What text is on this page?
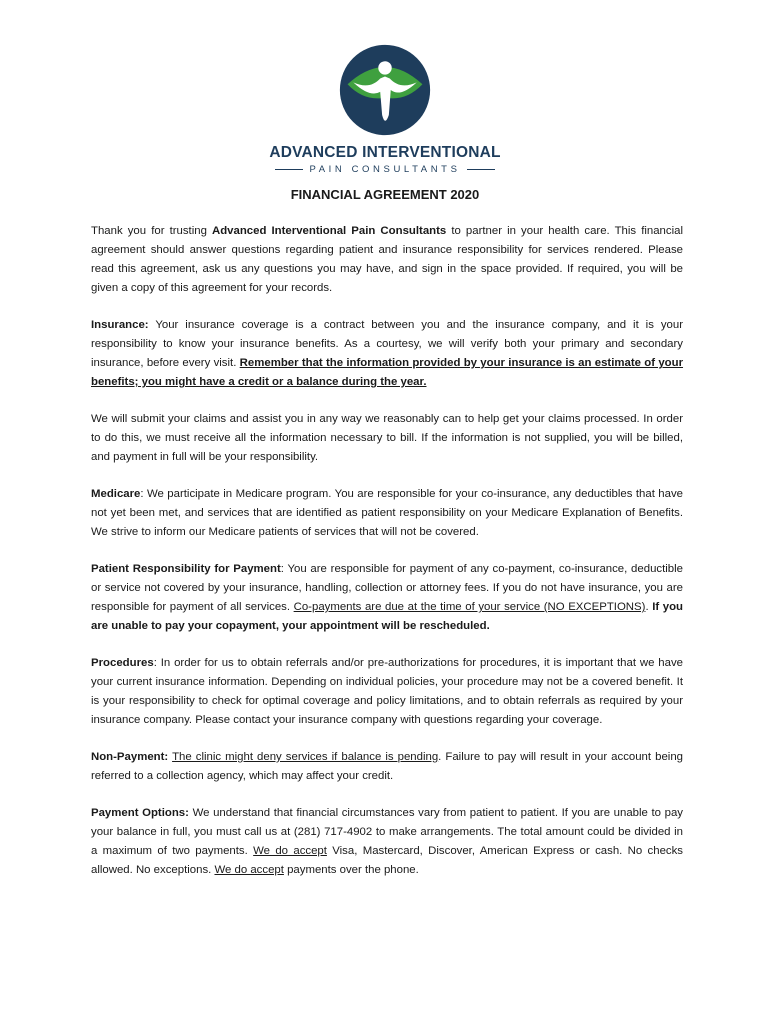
ADVANCED INTERVENTIONAL
PAIN CONSULTANTS
FINANCIAL AGREEMENT 2020

Thank you for trusting Advanced Interventional Pain Consultants to partner in your health care. This financial agreement should answer questions regarding patient and insurance responsibility for services rendered. Please read this agreement, ask us any questions you may have, and sign in the space provided. If required, you will be given a copy of this agreement for your records.

Insurance: Your insurance coverage is a contract between you and the insurance company, and it is your responsibility to know your insurance benefits. As a courtesy, we will verify both your primary and secondary insurance, before every visit. Remember that the information provided by your insurance is an estimate of your benefits; you might have a credit or a balance during the year.

We will submit your claims and assist you in any way we reasonably can to help get your claims processed. In order to do this, we must receive all the information necessary to bill. If the information is not supplied, you will be billed, and payment in full will be your responsibility.

Medicare: We participate in Medicare program. You are responsible for your co-insurance, any deductibles that have not yet been met, and services that are identified as patient responsibility on your Medicare Explanation of Benefits. We strive to inform our Medicare patients of services that will not be covered.

Patient Responsibility for Payment: You are responsible for payment of any co-payment, co-insurance, deductible or service not covered by your insurance, handling, collection or attorney fees. If you do not have insurance, you are responsible for payment of all services. Co-payments are due at the time of your service (NO EXCEPTIONS). If you are unable to pay your copayment, your appointment will be rescheduled.

Procedures: In order for us to obtain referrals and/or pre-authorizations for procedures, it is important that we have your current insurance information. Depending on individual policies, your procedure may not be a covered benefit. It is your responsibility to check for optimal coverage and policy limitations, and to obtain referrals as required by your insurance company. Please contact your insurance company with questions regarding your coverage.

Non-Payment: The clinic might deny services if balance is pending. Failure to pay will result in your account being referred to a collection agency, which may affect your credit.

Payment Options: We understand that financial circumstances vary from patient to patient. If you are unable to pay your balance in full, you must call us at (281) 717-4902 to make arrangements. The total amount could be divided in a maximum of two payments. We do accept Visa, Mastercard, Discover, American Express or cash. No checks allowed. No exceptions. We do accept payments over the phone.
